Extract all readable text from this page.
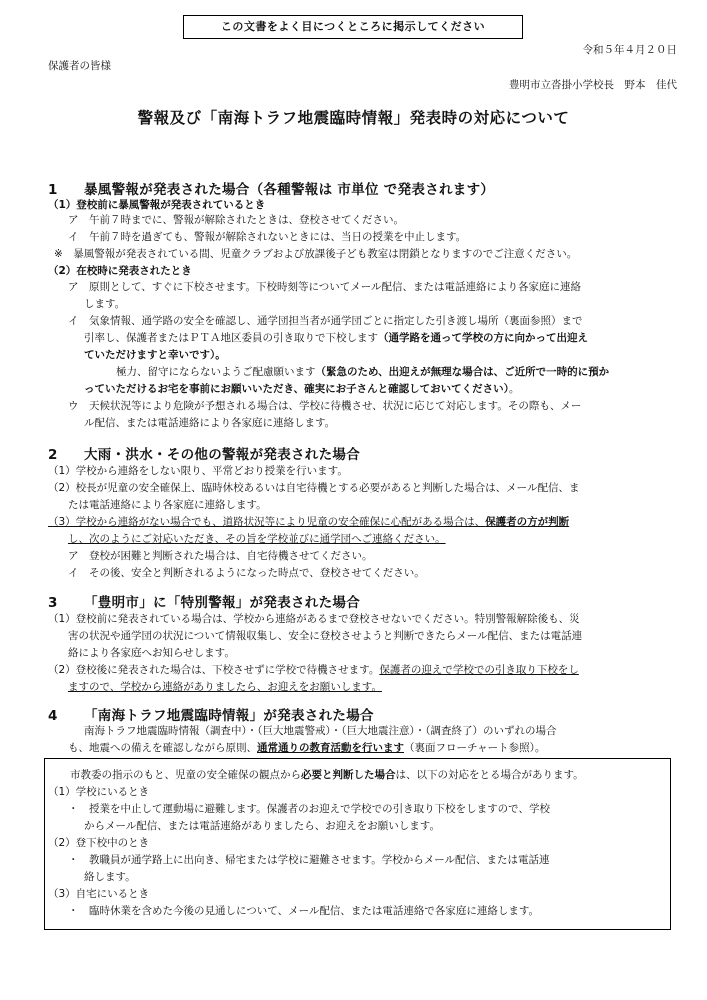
この文書をよく目につくところに掲示してください
令和５年４月２０日
保護者の皆様
豊明市立沓掛小学校長　野本　佳代
警報及び「南海トラフ地震臨時情報」発表時の対応について
1 暴風警報が発表された場合（各種警報は 市単位 で発表されます）
（1）登校前に暴風警報が発表されているとき
ア　午前７時までに、警報が解除されたときは、登校させてください。
イ　午前７時を過ぎても、警報が解除されないときには、当日の授業を中止します。
※　暴風警報が発表されている間、児童クラブおよび放課後子ども教室は閉鎖となりますのでご注意ください。
（2）在校時に発表されたとき
ア　原則として、すぐに下校させます。下校時刻等についてメール配信、または電話連絡により各家庭に連絡
します。
イ　気象情報、通学路の安全を確認し、通学団担当者が通学団ごとに指定した引き渡し場所（裏面参照）まで
引率し、保護者またはＰＴＡ地区委員の引き取りで下校します（通学路を通って学校の方に向かって出迎え
ていただけますと幸いです）。
極力、留守にならないようご配慮願います（緊急のため、出迎えが無理な場合は、ご近所で一時的に預か
っていただけるお宅を事前にお願いいただき、確実にお子さんと確認しておいてください）。
ウ　天候状況等により危険が予想される場合は、学校に待機させ、状況に応じて対応します。その際も、メー
ル配信、または電話連絡により各家庭に連絡します。
2 大雨・洪水・その他の警報が発表された場合
（1）学校から連絡をしない限り、平常どおり授業を行います。
（2）校長が児童の安全確保上、臨時休校あるいは自宅待機とする必要があると判断した場合は、メール配信、ま
たは電話連絡により各家庭に連絡します。
（3）学校から連絡がない場合でも、道路状況等により児童の安全確保に心配がある場合は、保護者の方が判断
し、次のようにご対応いただき、その旨を学校並びに通学団へご連絡ください。
ア　登校が困難と判断された場合は、自宅待機させてください。
イ　その後、安全と判断されるようになった時点で、登校させてください。
3 「豊明市」に「特別警報」が発表された場合
（1）登校前に発表されている場合は、学校から連絡があるまで登校させないでください。特別警報解除後も、災
害の状況や通学団の状況について情報収集し、安全に登校させようと判断できたらメール配信、または電話連
絡により各家庭へお知らせします。
（2）登校後に発表された場合は、下校させずに学校で待機させます。保護者の迎えで学校での引き取り下校をし
ますので、学校から連絡がありましたら、お迎えをお願いします。
4 「南海トラフ地震臨時情報」が発表された場合
南海トラフ地震臨時情報（調査中）・（巨大地震警戒）・（巨大地震注意）・（調査終了）のいずれの場合
も、地震への備えを確認しながら原則、通常通りの教育活動を行います（裏面フローチャート参照）。
市教委の指示のもと、児童の安全確保の観点から必要と判断した場合は、以下の対応をとる場合があります。
（1）学校にいるとき
・　授業を中止して運動場に避難します。保護者のお迎えで学校での引き取り下校をしますので、学校
からメール配信、または電話連絡がありましたら、お迎えをお願いします。
（2）登下校中のとき
・　教職員が通学路上に出向き、帰宅または学校に避難させます。学校からメール配信、または電話連
絡します。
（3）自宅にいるとき
・　臨時休業を含めた今後の見通しについて、メール配信、または電話連絡で各家庭に連絡します。
